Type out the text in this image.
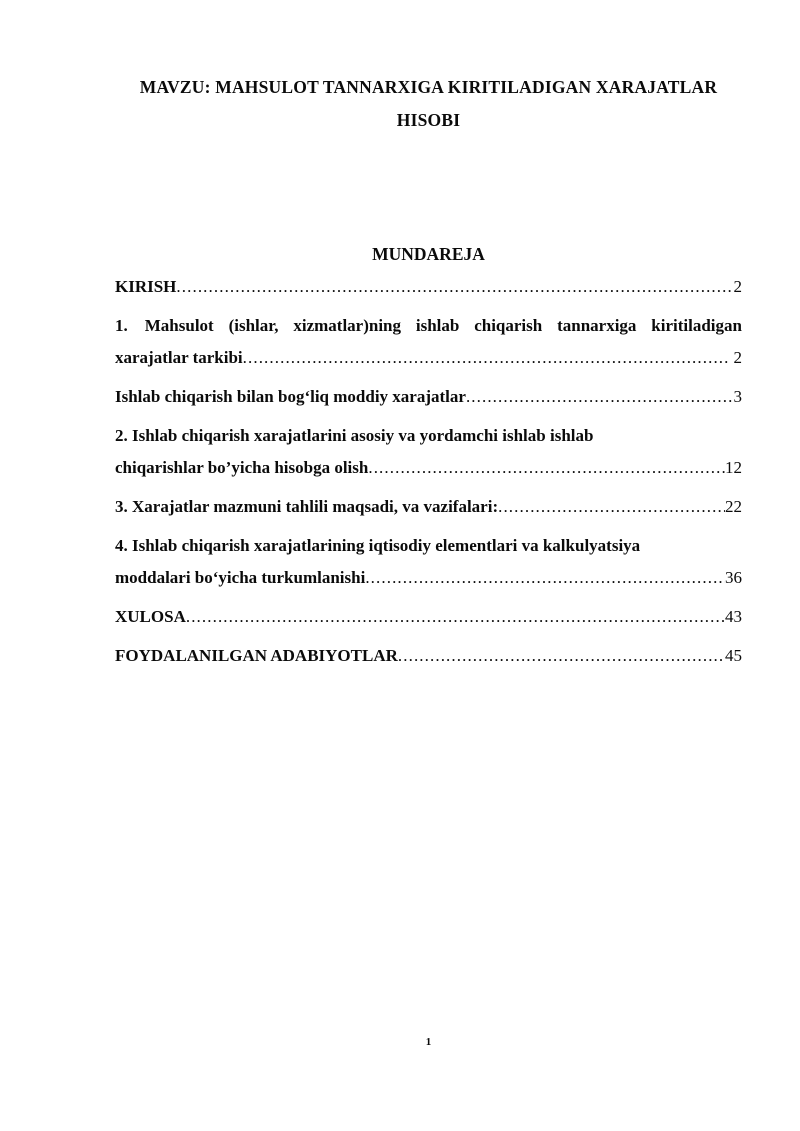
MAVZU: MAHSULOT TANNARXIGA KIRITILADIGAN XARAJATLAR
HISOBI
MUNDAREJA
KIRISH .....	2
1. Mahsulot (ishlar, xizmatlar)ning ishlab chiqarish tannarxiga kiritiladigan
xarajatlar tarkibi .....	2
Ishlab chiqarish bilan bog‘liq moddiy xarajatlar .....	3
2. Ishlab chiqarish xarajatlarini asosiy va yordamchi ishlab ishlab
chiqarishlar bo’yicha hisobga olish .....	12
3. Xarajatlar mazmuni tahlili maqsadi, va vazifalari: .....	22
4. Ishlab chiqarish xarajatlarining iqtisodiy elementlari va kalkulyatsiya
moddalari bo‘yicha turkumlanishi .....	36
XULOSA .....	43
FOYDALANILGAN ADABIYOTLAR .....	45
1
